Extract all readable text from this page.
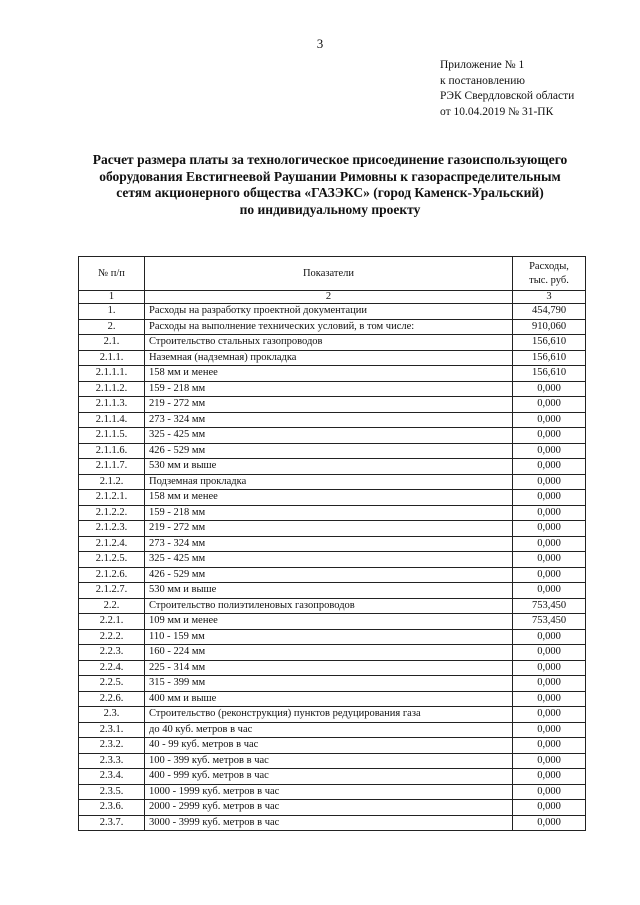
3
Приложение № 1
к постановлению
РЭК Свердловской области
от 10.04.2019 № 31-ПК
Расчет размера платы за технологическое присоединение газоиспользующего
оборудования Евстигнеевой Раушании Римовны к газораспределительным
сетям акционерного общества «ГАЗЭКС» (город Каменск-Уральский)
по индивидуальному проекту
№ п/п	Показатели	Расходы,
тыс. руб.

1	2	3
1.	Расходы на разработку проектной документации	454,790
2.	Расходы на выполнение технических условий, в том числе:	910,060
2.1.	Строительство стальных газопроводов	156,610
2.1.1.	Наземная (надземная) прокладка	156,610
2.1.1.1.	158 мм и менее	156,610
2.1.1.2.	159 - 218 мм	0,000
2.1.1.3.	219 - 272 мм	0,000
2.1.1.4.	273 - 324 мм	0,000
2.1.1.5.	325 - 425 мм	0,000
2.1.1.6.	426 - 529 мм	0,000
2.1.1.7.	530 мм и выше	0,000
2.1.2.	Подземная прокладка	0,000
2.1.2.1.	158 мм и менее	0,000
2.1.2.2.	159 - 218 мм	0,000
2.1.2.3.	219 - 272 мм	0,000
2.1.2.4.	273 - 324 мм	0,000
2.1.2.5.	325 - 425 мм	0,000
2.1.2.6.	426 - 529 мм	0,000
2.1.2.7.	530 мм и выше	0,000
2.2.	Строительство полиэтиленовых газопроводов	753,450
2.2.1.	109 мм и менее	753,450
2.2.2.	110 - 159 мм	0,000
2.2.3.	160 - 224 мм	0,000
2.2.4.	225 - 314 мм	0,000
2.2.5.	315 - 399 мм	0,000
2.2.6.	400 мм и выше	0,000
2.3.	Строительство (реконструкция) пунктов редуцирования газа	0,000
2.3.1.	до 40 куб. метров в час	0,000
2.3.2.	40 - 99 куб. метров в час	0,000
2.3.3.	100 - 399 куб. метров в час	0,000
2.3.4.	400 - 999 куб. метров в час	0,000
2.3.5.	1000 - 1999 куб. метров в час	0,000
2.3.6.	2000 - 2999 куб. метров в час	0,000
2.3.7.	3000 - 3999 куб. метров в час	0,000
